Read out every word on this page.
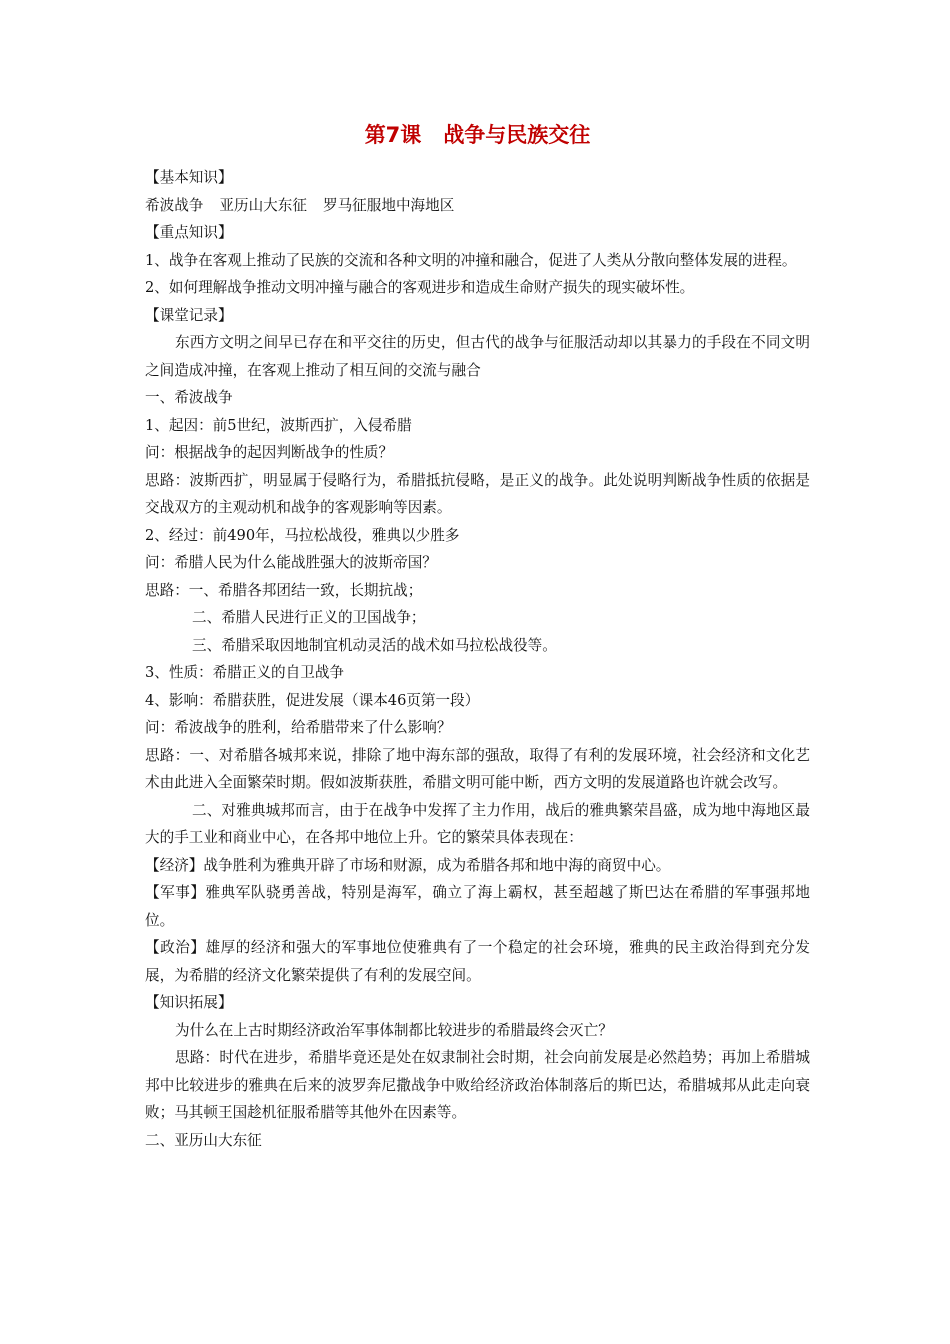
第7课 战争与民族交往

【基本知识】

希波战争 亚历山大东征 罗马征服地中海地区

【重点知识】

1、战争在客观上推动了民族的交流和各种文明的冲撞和融合，促进了人类从分散向整体发展的进程。

2、如何理解战争推动文明冲撞与融合的客观进步和造成生命财产损失的现实破坏性。

【课堂记录】

东西方文明之间早已存在和平交往的历史，但古代的战争与征服活动却以其暴力的手段在不同文明之间造成冲撞，在客观上推动了相互间的交流与融合

一、希波战争

1、起因：前5世纪，波斯西扩，入侵希腊

问：根据战争的起因判断战争的性质？

思路：波斯西扩，明显属于侵略行为，希腊抵抗侵略，是正义的战争。此处说明判断战争性质的依据是交战双方的主观动机和战争的客观影响等因素。

2、经过：前490年，马拉松战役，雅典以少胜多

问：希腊人民为什么能战胜强大的波斯帝国？

思路：一、希腊各邦团结一致，长期抗战；

二、希腊人民进行正义的卫国战争；

三、希腊采取因地制宜机动灵活的战术如马拉松战役等。

3、性质：希腊正义的自卫战争

4、影响：希腊获胜，促进发展（课本46页第一段）

问：希波战争的胜利，给希腊带来了什么影响？

思路：一、对希腊各城邦来说，排除了地中海东部的强敌，取得了有利的发展环境，社会经济和文化艺术由此进入全面繁荣时期。假如波斯获胜，希腊文明可能中断，西方文明的发展道路也许就会改写。

二、对雅典城邦而言，由于在战争中发挥了主力作用，战后的雅典繁荣昌盛，成为地中海地区最大的手工业和商业中心，在各邦中地位上升。它的繁荣具体表现在：

【经济】战争胜利为雅典开辟了市场和财源，成为希腊各邦和地中海的商贸中心。

【军事】雅典军队骁勇善战，特别是海军，确立了海上霸权，甚至超越了斯巴达在希腊的军事强邦地位。

【政治】雄厚的经济和强大的军事地位使雅典有了一个稳定的社会环境，雅典的民主政治得到充分发展，为希腊的经济文化繁荣提供了有利的发展空间。

【知识拓展】

为什么在上古时期经济政治军事体制都比较进步的希腊最终会灭亡？

思路：时代在进步，希腊毕竟还是处在奴隶制社会时期，社会向前发展是必然趋势；再加上希腊城邦中比较进步的雅典在后来的波罗奔尼撒战争中败给经济政治体制落后的斯巴达，希腊城邦从此走向衰败；马其顿王国趁机征服希腊等其他外在因素等。

二、亚历山大东征
